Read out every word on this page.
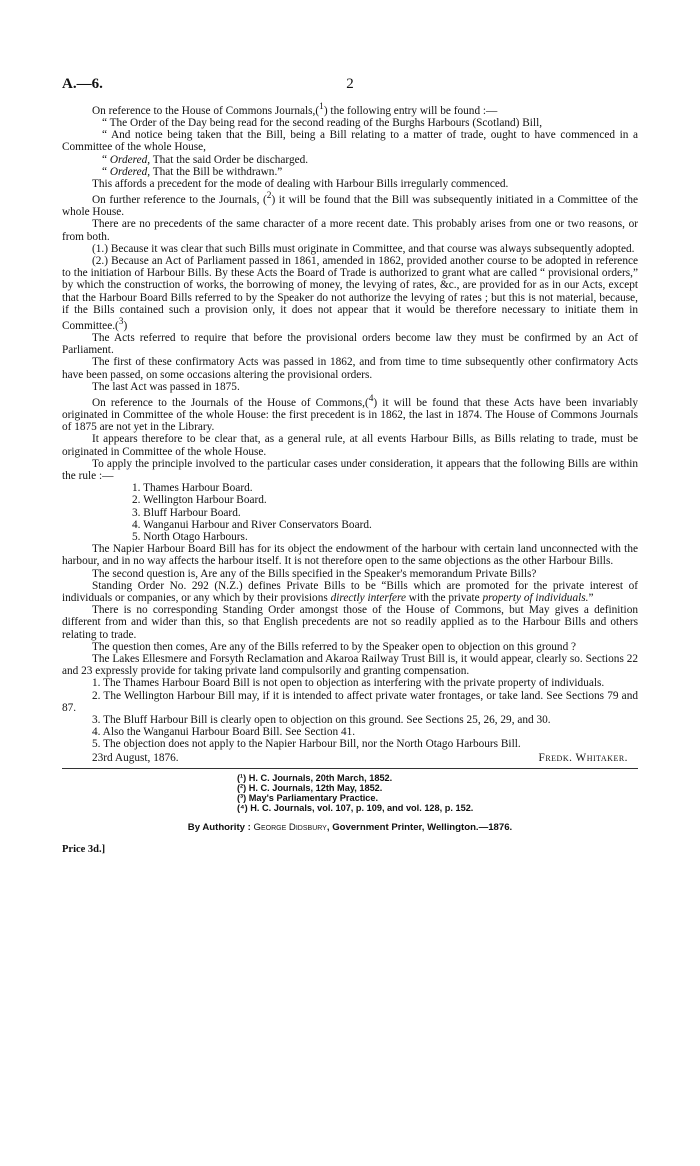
A.—6.	2

On reference to the House of Commons Journals,($^1$) the following entry will be found :—

“ The Order of the Day being read for the second reading of the Burghs Harbours (Scotland) Bill,

“ And notice being taken that the Bill, being a Bill relating to a matter of trade, ought to have commenced in a Committee of the whole House,

“ Ordered, That the said Order be discharged.

“ Ordered, That the Bill be withdrawn.”

This affords a precedent for the mode of dealing with Harbour Bills irregularly commenced.

On further reference to the Journals, ($^2$) it will be found that the Bill was subsequently initiated in a Committee of the whole House.

There are no precedents of the same character of a more recent date. This probably arises from one or two reasons, or from both.

(1.) Because it was clear that such Bills must originate in Committee, and that course was always subsequently adopted.

(2.) Because an Act of Parliament passed in 1861, amended in 1862, provided another course to be adopted in reference to the initiation of Harbour Bills. By these Acts the Board of Trade is authorized to grant what are called “ provisional orders,” by which the construction of works, the borrowing of money, the levying of rates, &c., are provided for as in our Acts, except that the Harbour Board Bills referred to by the Speaker do not authorize the levying of rates ; but this is not material, because, if the Bills contained such a provision only, it does not appear that it would be therefore necessary to initiate them in Committee.($^3$)

The Acts referred to require that before the provisional orders become law they must be confirmed by an Act of Parliament.

The first of these confirmatory Acts was passed in 1862, and from time to time subsequently other confirmatory Acts have been passed, on some occasions altering the provisional orders.

The last Act was passed in 1875.

On reference to the Journals of the House of Commons,($^4$) it will be found that these Acts have been invariably originated in Committee of the whole House: the first precedent is in 1862, the last in 1874. The House of Commons Journals of 1875 are not yet in the Library.

It appears therefore to be clear that, as a general rule, at all events Harbour Bills, as Bills relating to trade, must be originated in Committee of the whole House.

To apply the principle involved to the particular cases under consideration, it appears that the following Bills are within the rule :—

1. Thames Harbour Board.

2. Wellington Harbour Board.

3. Bluff Harbour Board.

4. Wanganui Harbour and River Conservators Board.

5. North Otago Harbours.

The Napier Harbour Board Bill has for its object the endowment of the harbour with certain land unconnected with the harbour, and in no way affects the harbour itself. It is not therefore open to the same objections as the other Harbour Bills.

The second question is, Are any of the Bills specified in the Speaker's memorandum Private Bills?

Standing Order No. 292 (N.Z.) defines Private Bills to be “Bills which are promoted for the private interest of individuals or companies, or any which by their provisions directly interfere with the private property of individuals.”

There is no corresponding Standing Order amongst those of the House of Commons, but May gives a definition different from and wider than this, so that English precedents are not so readily applied as to the Harbour Bills and others relating to trade.

The question then comes, Are any of the Bills referred to by the Speaker open to objection on this ground ?

The Lakes Ellesmere and Forsyth Reclamation and Akaroa Railway Trust Bill is, it would appear, clearly so. Sections 22 and 23 expressly provide for taking private land compulsorily and granting compensation.

1. The Thames Harbour Board Bill is not open to objection as interfering with the private property of individuals.

2. The Wellington Harbour Bill may, if it is intended to affect private water frontages, or take land. See Sections 79 and 87.

3. The Bluff Harbour Bill is clearly open to objection on this ground. See Sections 25, 26, 29, and 30.

4. Also the Wanganui Harbour Board Bill. See Section 41.

5. The objection does not apply to the Napier Harbour Bill, nor the North Otago Harbours Bill.

23rd August, 1876.	Fredk. Whitaker.
(¹) H. C. Journals, 20th March, 1852.
(²) H. C. Journals, 12th May, 1852.
(³) May's Parliamentary Practice.
(⁴) H. C. Journals, vol. 107, p. 109, and vol. 128, p. 152.
By Authority : George Didsbury, Government Printer, Wellington.—1876.
Price 3d.]
